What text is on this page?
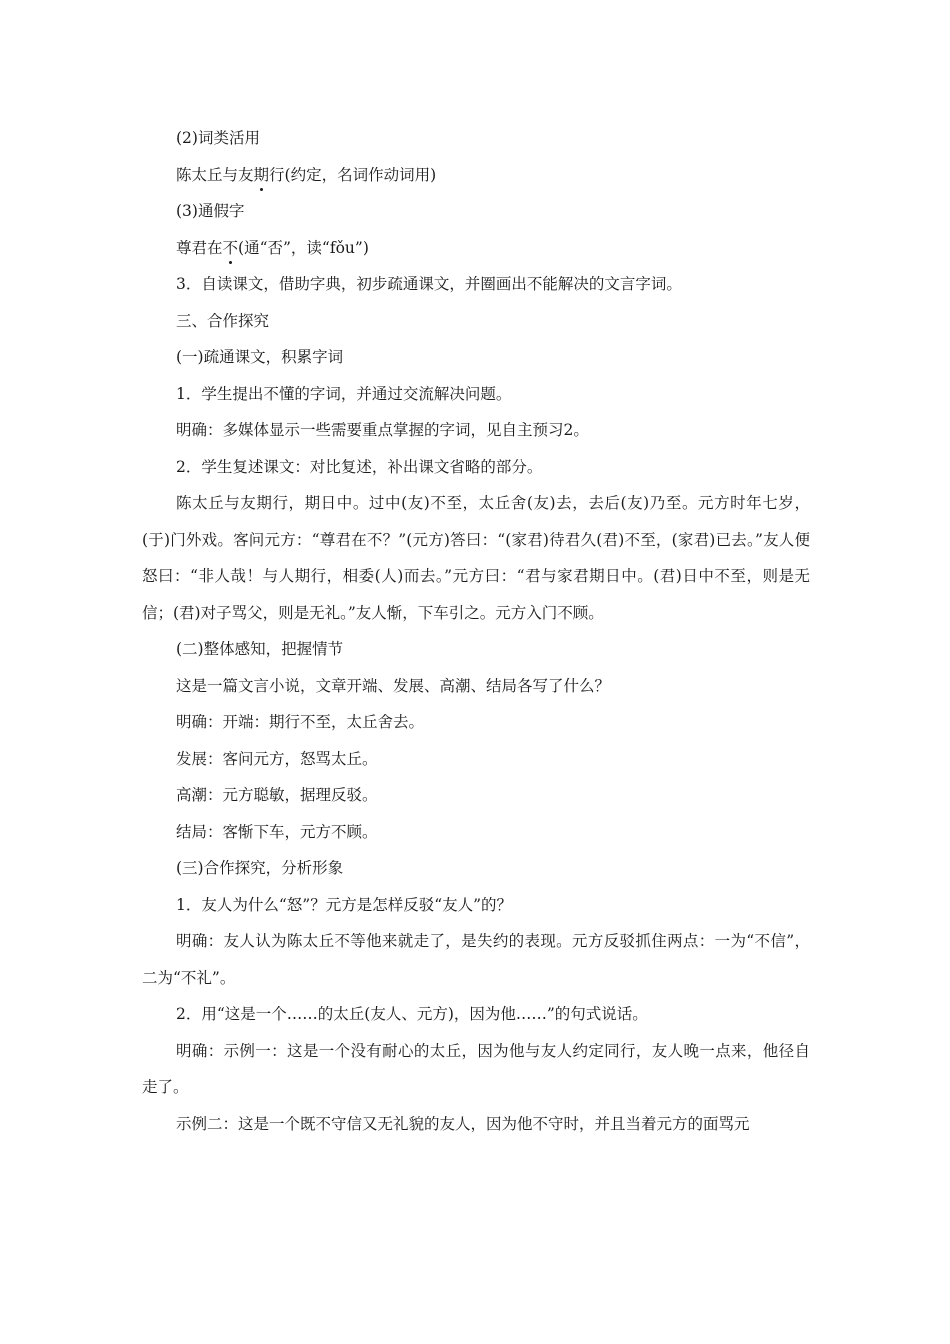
(2)词类活用
陈太丘与友期行(约定，名词作动词用)
(3)通假字
尊君在不(通“否”，读“fǒu”)
3．自读课文，借助字典，初步疏通课文，并圈画出不能解决的文言字词。
三、合作探究
(一)疏通课文，积累字词
1．学生提出不懂的字词，并通过交流解决问题。
明确：多媒体显示一些需要重点掌握的字词，见自主预习2。
2．学生复述课文：对比复述，补出课文省略的部分。
陈太丘与友期行，期日中。过中(友)不至，太丘舍(友)去，去后(友)乃至。元方时年七岁，(于)门外戏。客问元方：“尊君在不？”(元方)答曰：“(家君)待君久(君)不至，(家君)已去。”友人便怒曰：“非人哉！与人期行，相委(人)而去。”元方曰：“君与家君期日中。(君)日中不至，则是无信；(君)对子骂父，则是无礼。”友人惭，下车引之。元方入门不顾。
(二)整体感知，把握情节
这是一篇文言小说，文章开端、发展、高潮、结局各写了什么？
明确：开端：期行不至，太丘舍去。
发展：客问元方，怒骂太丘。
高潮：元方聪敏，据理反驳。
结局：客惭下车，元方不顾。
(三)合作探究，分析形象
1．友人为什么“怒”？元方是怎样反驳“友人”的？
明确：友人认为陈太丘不等他来就走了，是失约的表现。元方反驳抓住两点：一为“不信”，二为“不礼”。
2．用“这是一个……的太丘(友人、元方)，因为他……”的句式说话。
明确：示例一：这是一个没有耐心的太丘，因为他与友人约定同行，友人晚一点来，他径自走了。
示例二：这是一个既不守信又无礼貌的友人，因为他不守时，并且当着元方的面骂元
